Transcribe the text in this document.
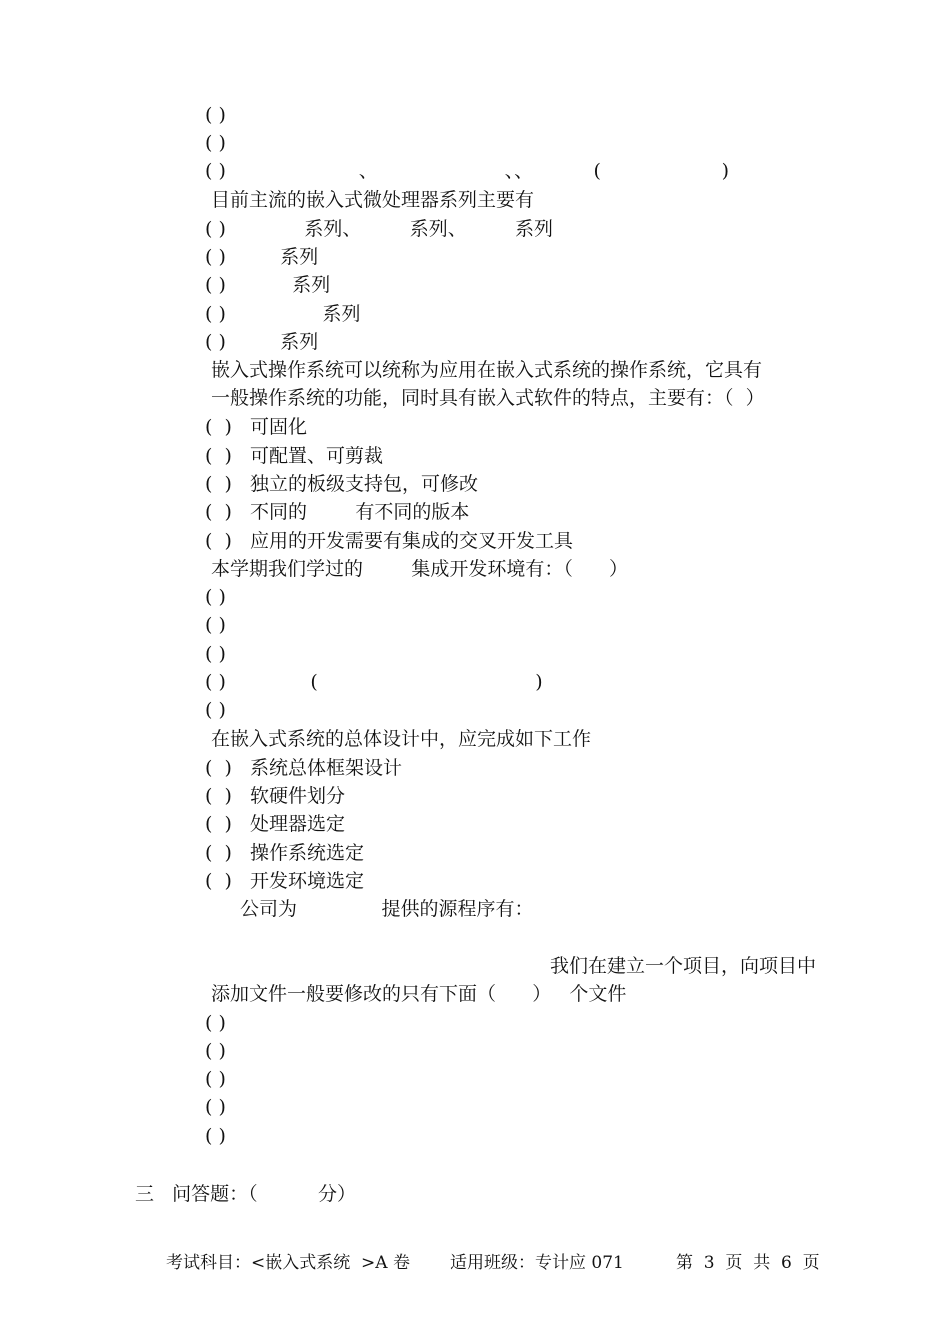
( )
( )
( )                      、                     、、          (                    )
目前主流的嵌入式微处理器系列主要有
( )             系列、        系列、        系列
( )         系列
( )           系列
( )                系列
( )         系列
嵌入式操作系统可以统称为应用在嵌入式系统的操作系统，它具有
一般操作系统的功能，同时具有嵌入式软件的特点，主要有：（  ）
(  )   可固化
(  )   可配置、可剪裁
(  )   独立的板级支持包，可修改
(  )   不同的        有不同的版本
(  )   应用的开发需要有集成的交叉开发工具
本学期我们学过的        集成开发环境有：（      ）
( )
( )
( )
( )              (                                    )
( )
在嵌入式系统的总体设计中，应完成如下工作
(  )   系统总体框架设计
(  )   软硬件划分
(  )   处理器选定
(  )   操作系统选定
(  )   开发环境选定
公司为              提供的源程序有：
我们在建立一个项目，向项目中
添加文件一般要修改的只有下面（      ）   个文件
( )
( )
( )
( )
( )
三   问答题：（          分）
考试科目：<嵌入式系统  >A 卷 适用班级：专计应 071	第  3  页  共  6  页
